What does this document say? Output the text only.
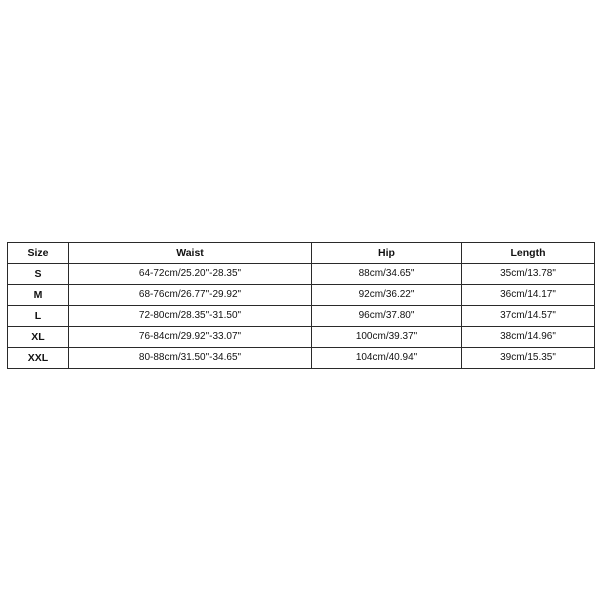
Size	Waist	Hip	Length
S	64-72cm/25.20"-28.35"	88cm/34.65"	35cm/13.78"
M	68-76cm/26.77"-29.92"	92cm/36.22"	36cm/14.17"
L	72-80cm/28.35"-31.50"	96cm/37.80"	37cm/14.57"
XL	76-84cm/29.92"-33.07"	100cm/39.37"	38cm/14.96"
XXL	80-88cm/31.50"-34.65"	104cm/40.94"	39cm/15.35"
